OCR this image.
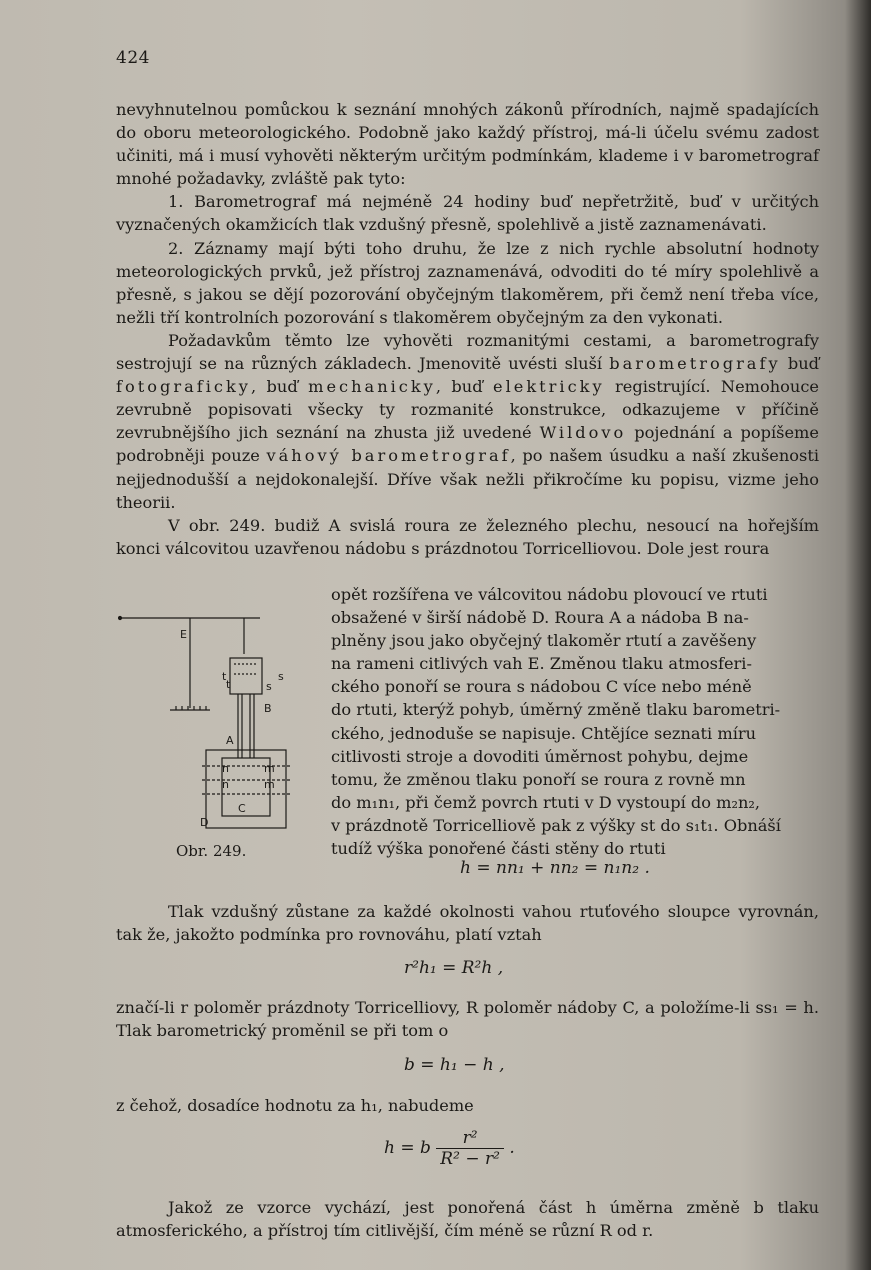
424

nevyhnutelnou pomůckou k seznání mnohých zákonů přírodních, najmě spadajících do oboru meteorologického. Podobně jako každý přístroj, má-li účelu svému zadost učiniti, má i musí vyhověti některým určitým podmínkám, klademe i v barometrograf mnohé požadavky, zvláště pak tyto:

1. Barometrograf má nejméně 24 hodiny buď nepřetržitě, buď v určitých vyznačených okamžicích tlak vzdušný přesně, spolehlivě a jistě zaznamenávati.

2. Záznamy mají býti toho druhu, že lze z nich rychle absolutní hodnoty meteorologických prvků, jež přístroj zaznamenává, odvoditi do té míry spolehlivě a přesně, s jakou se dějí pozorování obyčejným tlakoměrem, při čemž není třeba více, nežli tří kontrolních pozorování s tlakoměrem obyčejným za den vykonati.

Požadavkům těmto lze vyhověti rozmanitými cestami, a barometrografy sestrojují se na různých základech. Jmenovitě uvésti sluší barometrografy buď fotograficky, buď mechanicky, buď elektricky registrující. Nemohouce zevrubně popisovati všecky ty rozmanité konstrukce, odkazujeme v příčině zevrubnějšího jich seznání na zhusta již uvedené Wildovo pojednání a popíšeme podrobněji pouze váhový barometrograf, po našem úsudku a naší zkušenosti nejjednodušší a nejdokonalejší. Dříve však nežli přikročíme ku popisu, vizme jeho theorii.

V obr. 249. budiž A svislá roura ze železného plechu, nesoucí na hořejším konci válcovitou uzavřenou nádobu s prázdnotou Torricelliovou. Dole jest roura

opět rozšířena ve válcovitou nádobu plovoucí ve rtuti

obsažené v širší nádobě D. Roura A a nádoba B na-

plněny jsou jako obyčejný tlakoměr rtutí a zavěšeny

na rameni citlivých vah E. Změnou tlaku atmosferi-

ckého ponoří se roura s nádobou C více nebo méně

do rtuti, kterýž pohyb, úměrný změně tlaku barometri-

ckého, jednoduše se napisuje. Chtějíce seznati míru

citlivosti stroje a dovoditi úměrnost pohybu, dejme

tomu, že změnou tlaku ponoří se roura z rovně mn

do m₁n₁, při čemž povrch rtuti v D vystoupí do m₂n₂,

v prázdnotě Torricelliově pak z výšky st do s₁t₁. Obnáší

tudíž výška ponořené části stěny do rtuti

E
t
t
s
s
B
A
n
n
m
m
C
D
Obr. 249.
h = nn₁ + nn₂ = n₁n₂ .

Tlak vzdušný zůstane za každé okolnosti vahou rtuťového sloupce vyrovnán, tak že, jakožto podmínka pro rovnováhu, platí vztah

r²h₁ = R²h ,

značí-li r poloměr prázdnoty Torricelliovy, R poloměr nádoby C, a položíme-li ss₁ = h. Tlak barometrický proměnil se při tom o

b = h₁ − h ,

z čehož, dosadíce hodnotu za h₁, nabudeme

h = b $\frac{\text{r²}}{\text{R² − r²}}$ .

Jakož ze vzorce vychází, jest ponořená část h úměrna změně b tlaku atmosferického, a přístroj tím citlivější, čím méně se různí R od r.
